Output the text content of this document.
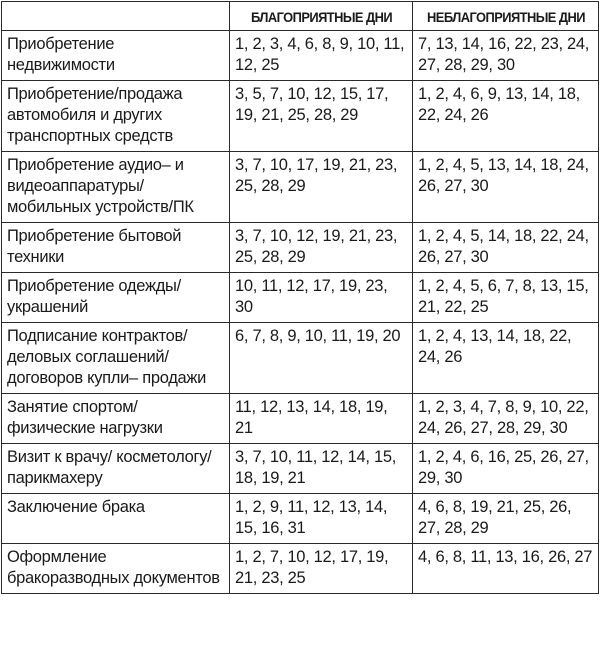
	БЛАГОПРИЯТНЫЕ ДНИ	НЕБЛАГОПРИЯТНЫЕ ДНИ
Приобретение недвижимости	1, 2, 3, 4, 6, 8, 9, 10, 11, 12, 25	7, 13, 14, 16, 22, 23, 24, 27, 28, 29, 30
Приобретение/продажа автомобиля и других транспортных средств	3, 5, 7, 10, 12, 15, 17, 19, 21, 25, 28, 29	1, 2, 4, 6, 9, 13, 14, 18, 22, 24, 26
Приобретение аудио– и видеоаппаратуры/ мобильных устройств/ПК	3, 7, 10, 17, 19, 21, 23, 25, 28, 29	1, 2, 4, 5, 13, 14, 18, 24, 26, 27, 30
Приобретение бытовой техники	3, 7, 10, 12, 19, 21, 23, 25, 28, 29	1, 2, 4, 5, 14, 18, 22, 24, 26, 27, 30
Приобретение одежды/ украшений	10, 11, 12, 17, 19, 23, 30	1, 2, 4, 5, 6, 7, 8, 13, 15, 21, 22, 25
Подписание контрактов/ деловых соглашений/ договоров купли– продажи	6, 7, 8, 9, 10, 11, 19, 20	1, 2, 4, 13, 14, 18, 22, 24, 26
Занятие спортом/ физические нагрузки	11, 12, 13, 14, 18, 19, 21	1, 2, 3, 4, 7, 8, 9, 10, 22, 24, 26, 27, 28, 29, 30
Визит к врачу/ косметологу/ парикмахеру	3, 7, 10, 11, 12, 14, 15, 18, 19, 21	1, 2, 4, 6, 16, 25, 26, 27, 29, 30
Заключение брака	1, 2, 9, 11, 12, 13, 14, 15, 16, 31	4, 6, 8, 19, 21, 25, 26, 27, 28, 29
Оформление бракоразводных документов	1, 2, 7, 10, 12, 17, 19, 21, 23, 25	4, 6, 8, 11, 13, 16, 26, 27
